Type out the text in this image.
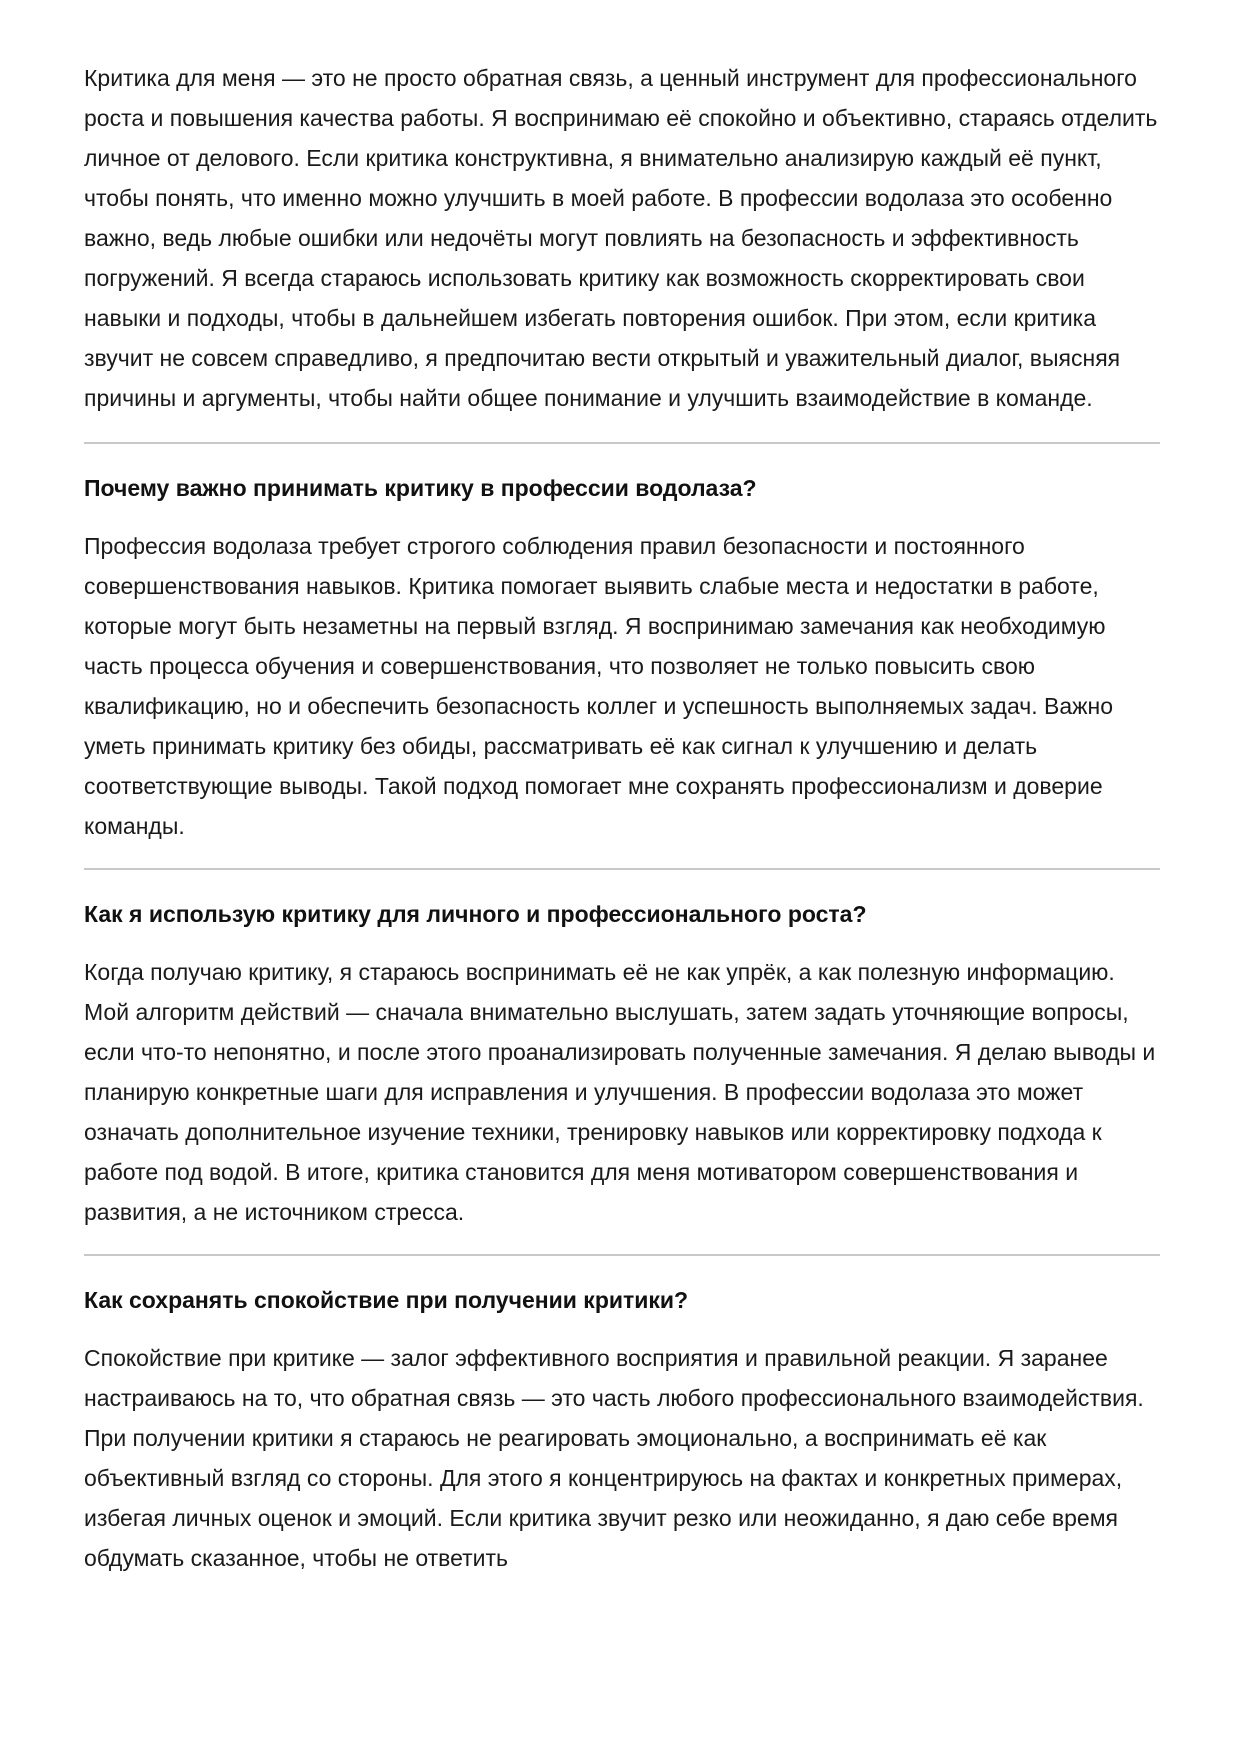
Критика для меня — это не просто обратная связь, а ценный инструмент для профессионального роста и повышения качества работы. Я воспринимаю её спокойно и объективно, стараясь отделить личное от делового. Если критика конструктивна, я внимательно анализирую каждый её пункт, чтобы понять, что именно можно улучшить в моей работе. В профессии водолаза это особенно важно, ведь любые ошибки или недочёты могут повлиять на безопасность и эффективность погружений. Я всегда стараюсь использовать критику как возможность скорректировать свои навыки и подходы, чтобы в дальнейшем избегать повторения ошибок. При этом, если критика звучит не совсем справедливо, я предпочитаю вести открытый и уважительный диалог, выясняя причины и аргументы, чтобы найти общее понимание и улучшить взаимодействие в команде.

Почему важно принимать критику в профессии водолаза?

Профессия водолаза требует строгого соблюдения правил безопасности и постоянного совершенствования навыков. Критика помогает выявить слабые места и недостатки в работе, которые могут быть незаметны на первый взгляд. Я воспринимаю замечания как необходимую часть процесса обучения и совершенствования, что позволяет не только повысить свою квалификацию, но и обеспечить безопасность коллег и успешность выполняемых задач. Важно уметь принимать критику без обиды, рассматривать её как сигнал к улучшению и делать соответствующие выводы. Такой подход помогает мне сохранять профессионализм и доверие команды.

Как я использую критику для личного и профессионального роста?

Когда получаю критику, я стараюсь воспринимать её не как упрёк, а как полезную информацию. Мой алгоритм действий — сначала внимательно выслушать, затем задать уточняющие вопросы, если что-то непонятно, и после этого проанализировать полученные замечания. Я делаю выводы и планирую конкретные шаги для исправления и улучшения. В профессии водолаза это может означать дополнительное изучение техники, тренировку навыков или корректировку подхода к работе под водой. В итоге, критика становится для меня мотиватором совершенствования и развития, а не источником стресса.

Как сохранять спокойствие при получении критики?

Спокойствие при критике — залог эффективного восприятия и правильной реакции. Я заранее настраиваюсь на то, что обратная связь — это часть любого профессионального взаимодействия. При получении критики я стараюсь не реагировать эмоционально, а воспринимать её как объективный взгляд со стороны. Для этого я концентрируюсь на фактах и конкретных примерах, избегая личных оценок и эмоций. Если критика звучит резко или неожиданно, я даю себе время обдумать сказанное, чтобы не ответить
